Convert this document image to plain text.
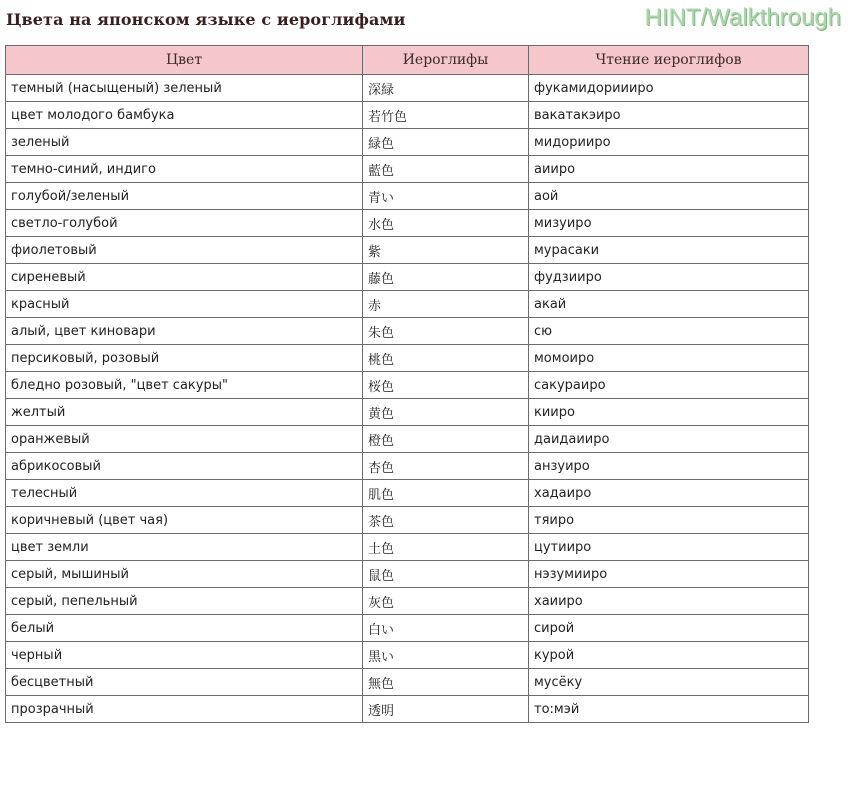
Цвета на японском языке с иероглифами	HINT/Walkthrough
Цвет	Иероглифы	Чтение иероглифов
темный (насыщеный) зеленый	深緑	фукамидориииро
цвет молодого бамбука	若竹色	вакатакэиро
зеленый	緑色	мидорииро
темно-синий, индиго	藍色	аииро
голубой/зеленый	青い	аой
светло-голубой	水色	мизуиро
фиолетовый	紫	мурасаки
сиреневый	藤色	фудзииро
красный	赤	акай
алый, цвет киновари	朱色	сю
персиковый, розовый	桃色	момоиро
бледно розовый, "цвет сакуры"	桜色	сакураиро
желтый	黄色	киирo
оранжевый	橙色	даидаиирo
абрикосовый	杏色	анзуиро
телесный	肌色	хадаиро
коричневый (цвет чая)	茶色	тяиро
цвет земли	土色	цутииро
серый, мышиный	鼠色	нэзумииро
серый, пепельный	灰色	хаииро
белый	白い	сирой
черный	黒い	курой
бесцветный	無色	мусёку
прозрачный	透明	то:мэй
